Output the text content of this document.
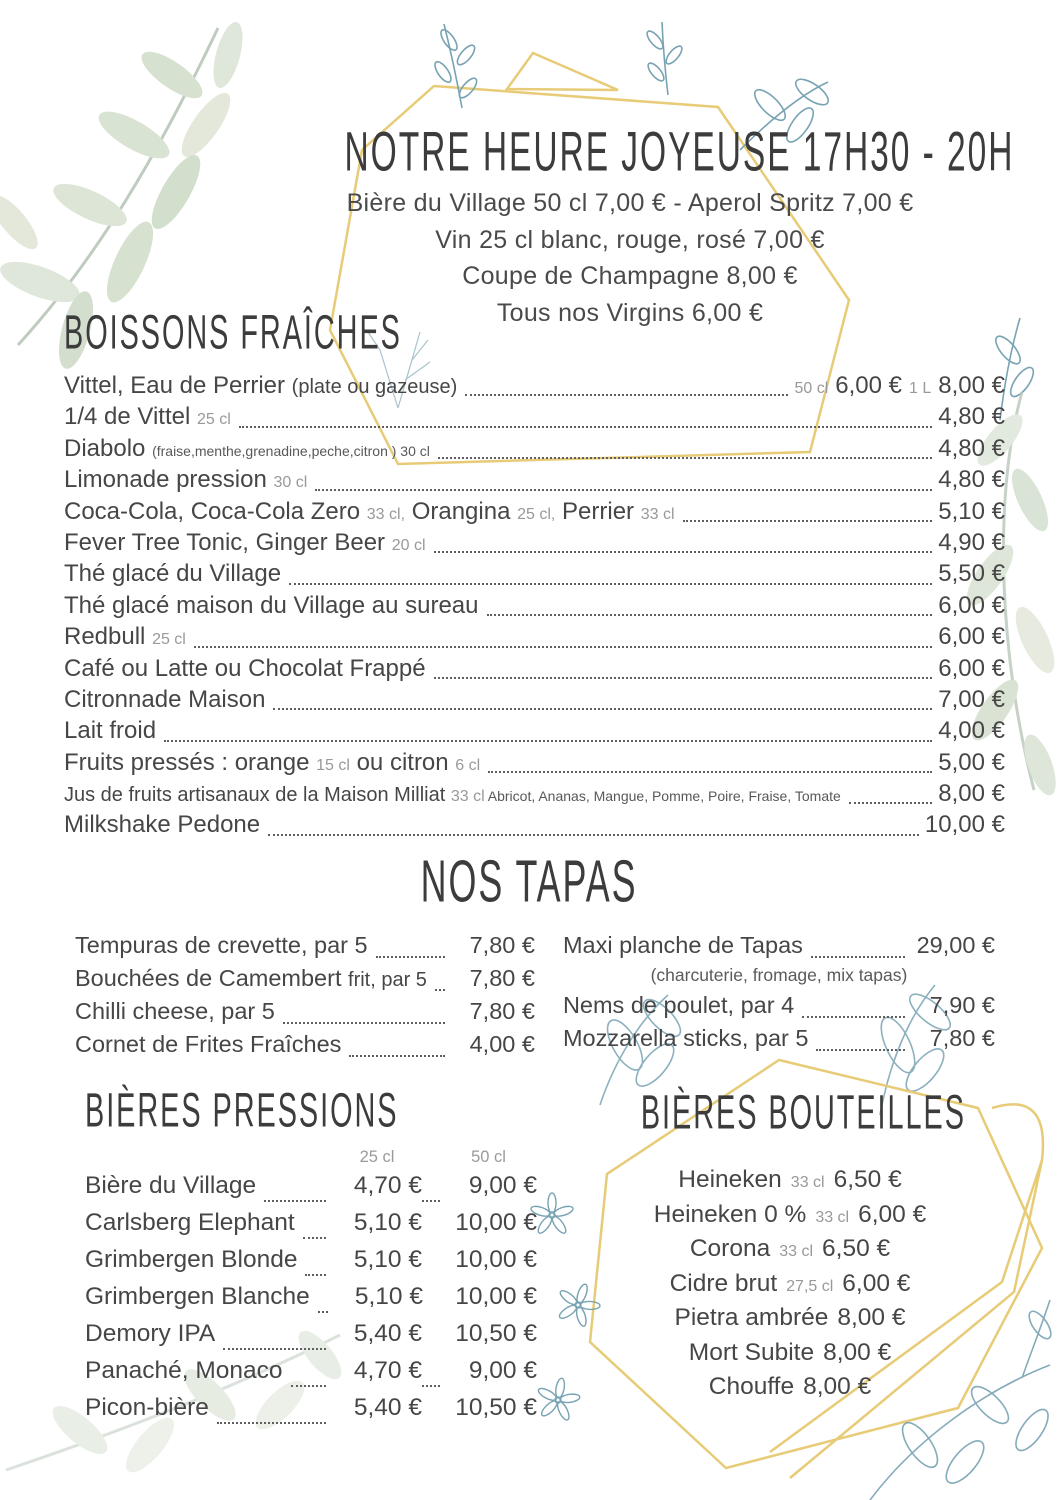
NOTRE HEURE JOYEUSE 17H30 - 20H
Bière du Village 50 cl 7,00 € - Aperol Spritz 7,00 €
Vin 25 cl blanc, rouge, rosé 7,00 €
Coupe de Champagne 8,00 €
Tous nos Virgins 6,00 €
BOISSONS FRAÎCHES
Vittel, Eau de Perrier (plate ou gazeuse)	50 cl 6,00 € 1 L 8,00 €
1/4 de Vittel 25 cl	4,80 €
Diabolo (fraise,menthe,grenadine,peche,citron ) 30 cl	4,80 €
Limonade pression 30 cl	4,80 €
Coca-Cola, Coca-Cola Zero 33 cl, Orangina 25 cl, Perrier 33 cl	5,10 €
Fever Tree Tonic, Ginger Beer 20 cl	4,90 €
Thé glacé du Village	5,50 €
Thé glacé maison du Village au sureau	6,00 €
Redbull 25 cl	6,00 €
Café ou Latte ou Chocolat Frappé	6,00 €
Citronnade Maison	7,00 €
Lait froid	4,00 €
Fruits pressés : orange 15 cl ou citron 6 cl	5,00 €
Jus de fruits artisanaux de la Maison Milliat 33 cl Abricot, Ananas, Mangue, Pomme, Poire, Fraise, Tomate	8,00 €
Milkshake Pedone	10,00 €
NOS TAPAS
Tempuras de crevette, par 5	7,80 €
Bouchées de Camembert frit, par 5	7,80 €
Chilli cheese, par 5	7,80 €
Cornet de Frites Fraîches	4,00 €
Maxi planche de Tapas	29,00 €
(charcuterie, fromage, mix tapas)
Nems de poulet, par 4	7,90 €
Mozzarella sticks, par 5	7,80 €
BIÈRES PRESSIONS
25 cl	50 cl
Bière du Village	4,70 €	9,00 €
Carlsberg Elephant	5,10 €	10,00 €
Grimbergen Blonde	5,10 €	10,00 €
Grimbergen Blanche	5,10 €	10,00 €
Demory IPA	5,40 €	10,50 €
Panaché, Monaco	4,70 €	9,00 €
Picon-bière	5,40 €	10,50 €
BIÈRES BOUTEILLES
Heineken 33 cl 6,50 €
Heineken 0 % 33 cl 6,00 €
Corona 33 cl 6,50 €
Cidre brut 27,5 cl 6,00 €
Pietra ambrée 8,00 €
Mort Subite 8,00 €
Chouffe 8,00 €
